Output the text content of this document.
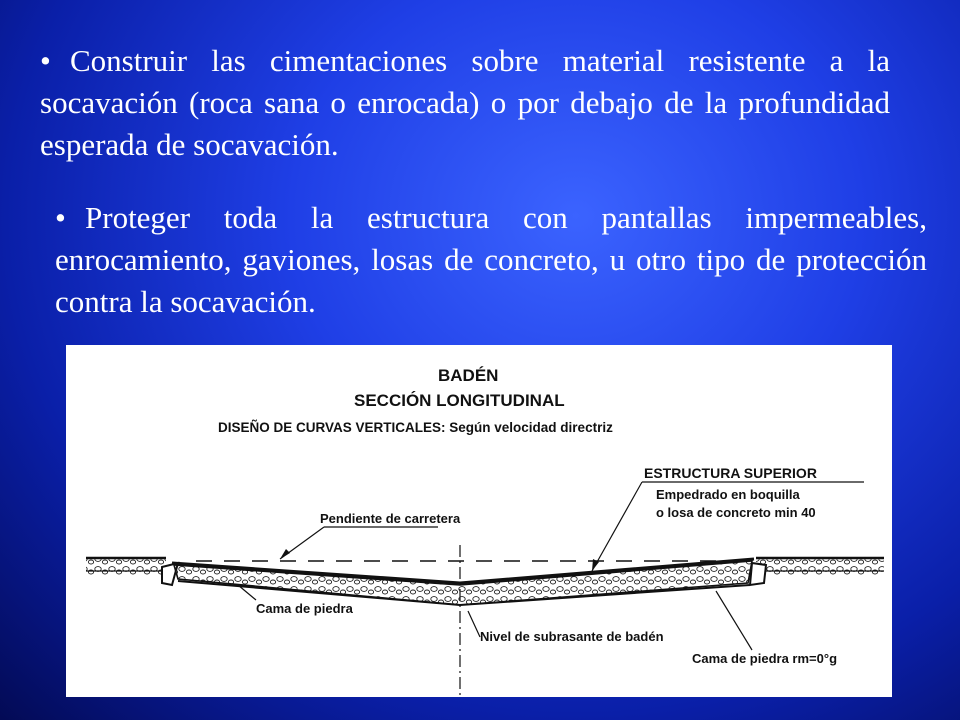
• Construir las cimentaciones sobre material resistente a la socavación (roca sana o enrocada) o por debajo de la profundidad esperada de socavación.
• Proteger toda la estructura con pantallas impermeables, enrocamiento, gaviones, losas de concreto, u otro tipo de protección contra la socavación.
BADÉN
SECCIÓN LONGITUDINAL
DISEÑO DE CURVAS VERTICALES: Según velocidad directriz
Pendiente de carretera
ESTRUCTURA SUPERIOR
Empedrado en boquilla
o losa de concreto min 40
Cama de piedra
Nivel de subrasante de badén
Cama de piedra rm=0°g
